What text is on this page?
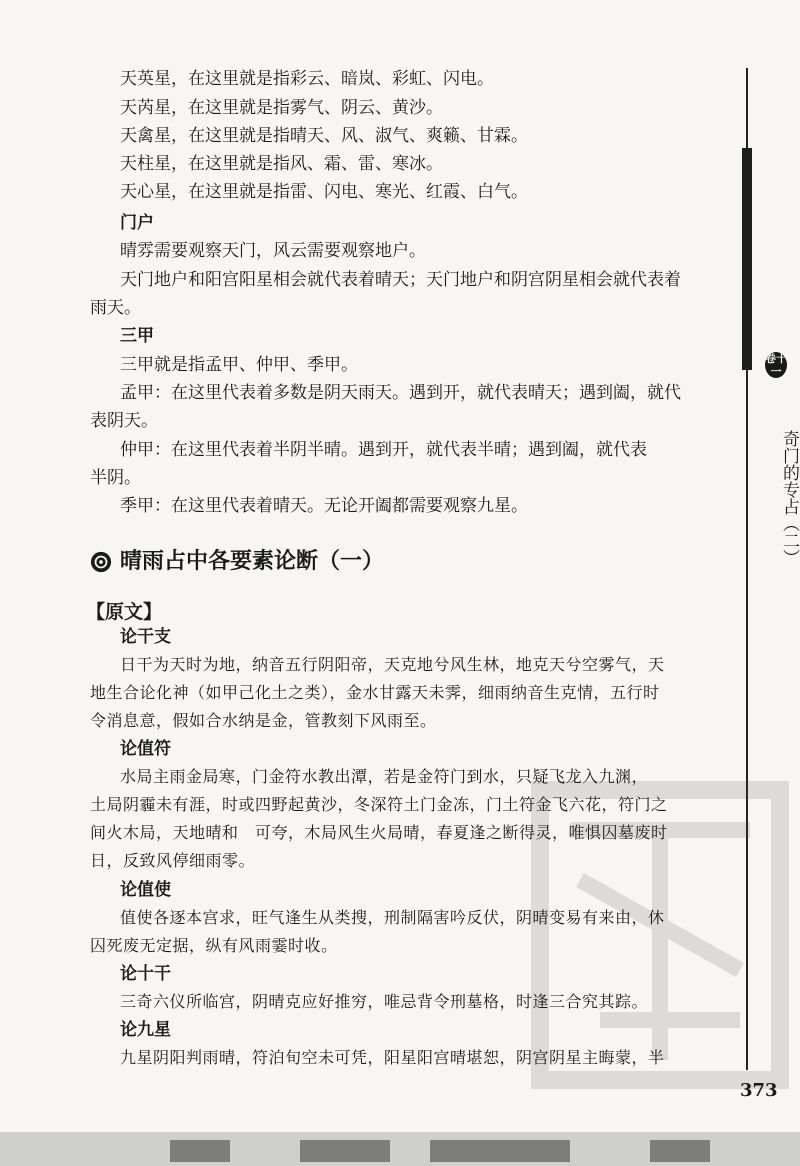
卷十一
奇门的专占（二）

天英星，在这里就是指彩云、暗岚、彩虹、闪电。

天芮星，在这里就是指雾气、阴云、黄沙。

天禽星，在这里就是指晴天、风、淑气、爽籁、甘霖。

天柱星，在这里就是指风、霜、雷、寒冰。

天心星，在这里就是指雷、闪电、寒光、红霞、白气。

门户

晴雰需要观察天门，风云需要观察地户。

天门地户和阳宫阳星相会就代表着晴天；天门地户和阴宫阴星相会就代表着

雨天。

三甲

三甲就是指孟甲、仲甲、季甲。

孟甲：在这里代表着多数是阴天雨天。遇到开，就代表晴天；遇到阖，就代

表阴天。

仲甲：在这里代表着半阴半晴。遇到开，就代表半晴；遇到阖，就代表

半阴。

季甲：在这里代表着晴天。无论开阖都需要观察九星。

晴雨占中各要素论断（一）
【原文】

论干支

日干为天时为地，纳音五行阴阳帝，天克地兮风生林，地克天兮空雾气，天

地生合论化神（如甲己化土之类），金水甘露天未霁，细雨纳音生克情，五行时

令消息意，假如合水纳是金，管教刻下风雨至。

论值符

水局主雨金局寒，门金符水教出潭，若是金符门到水，只疑飞龙入九渊，

土局阴霾未有涯，时或四野起黄沙，冬深符土门金冻，门土符金飞六花，符门之

间火木局，天地晴和　可夸，木局风生火局晴，春夏逢之断得灵，唯惧囚墓废时

日，反致风停细雨零。

论值使

值使各逐本宫求，旺气逢生从类搜，刑制隔害吟反伏，阴晴变易有来由，休

囚死废无定据，纵有风雨霎时收。

论十干

三奇六仪所临宫，阴晴克应好推穷，唯忌背令刑墓格，时逢三合究其踪。

论九星

九星阴阳判雨晴，符泊旬空未可凭，阳星阳宫晴堪恕，阴宫阴星主晦蒙，半

373
